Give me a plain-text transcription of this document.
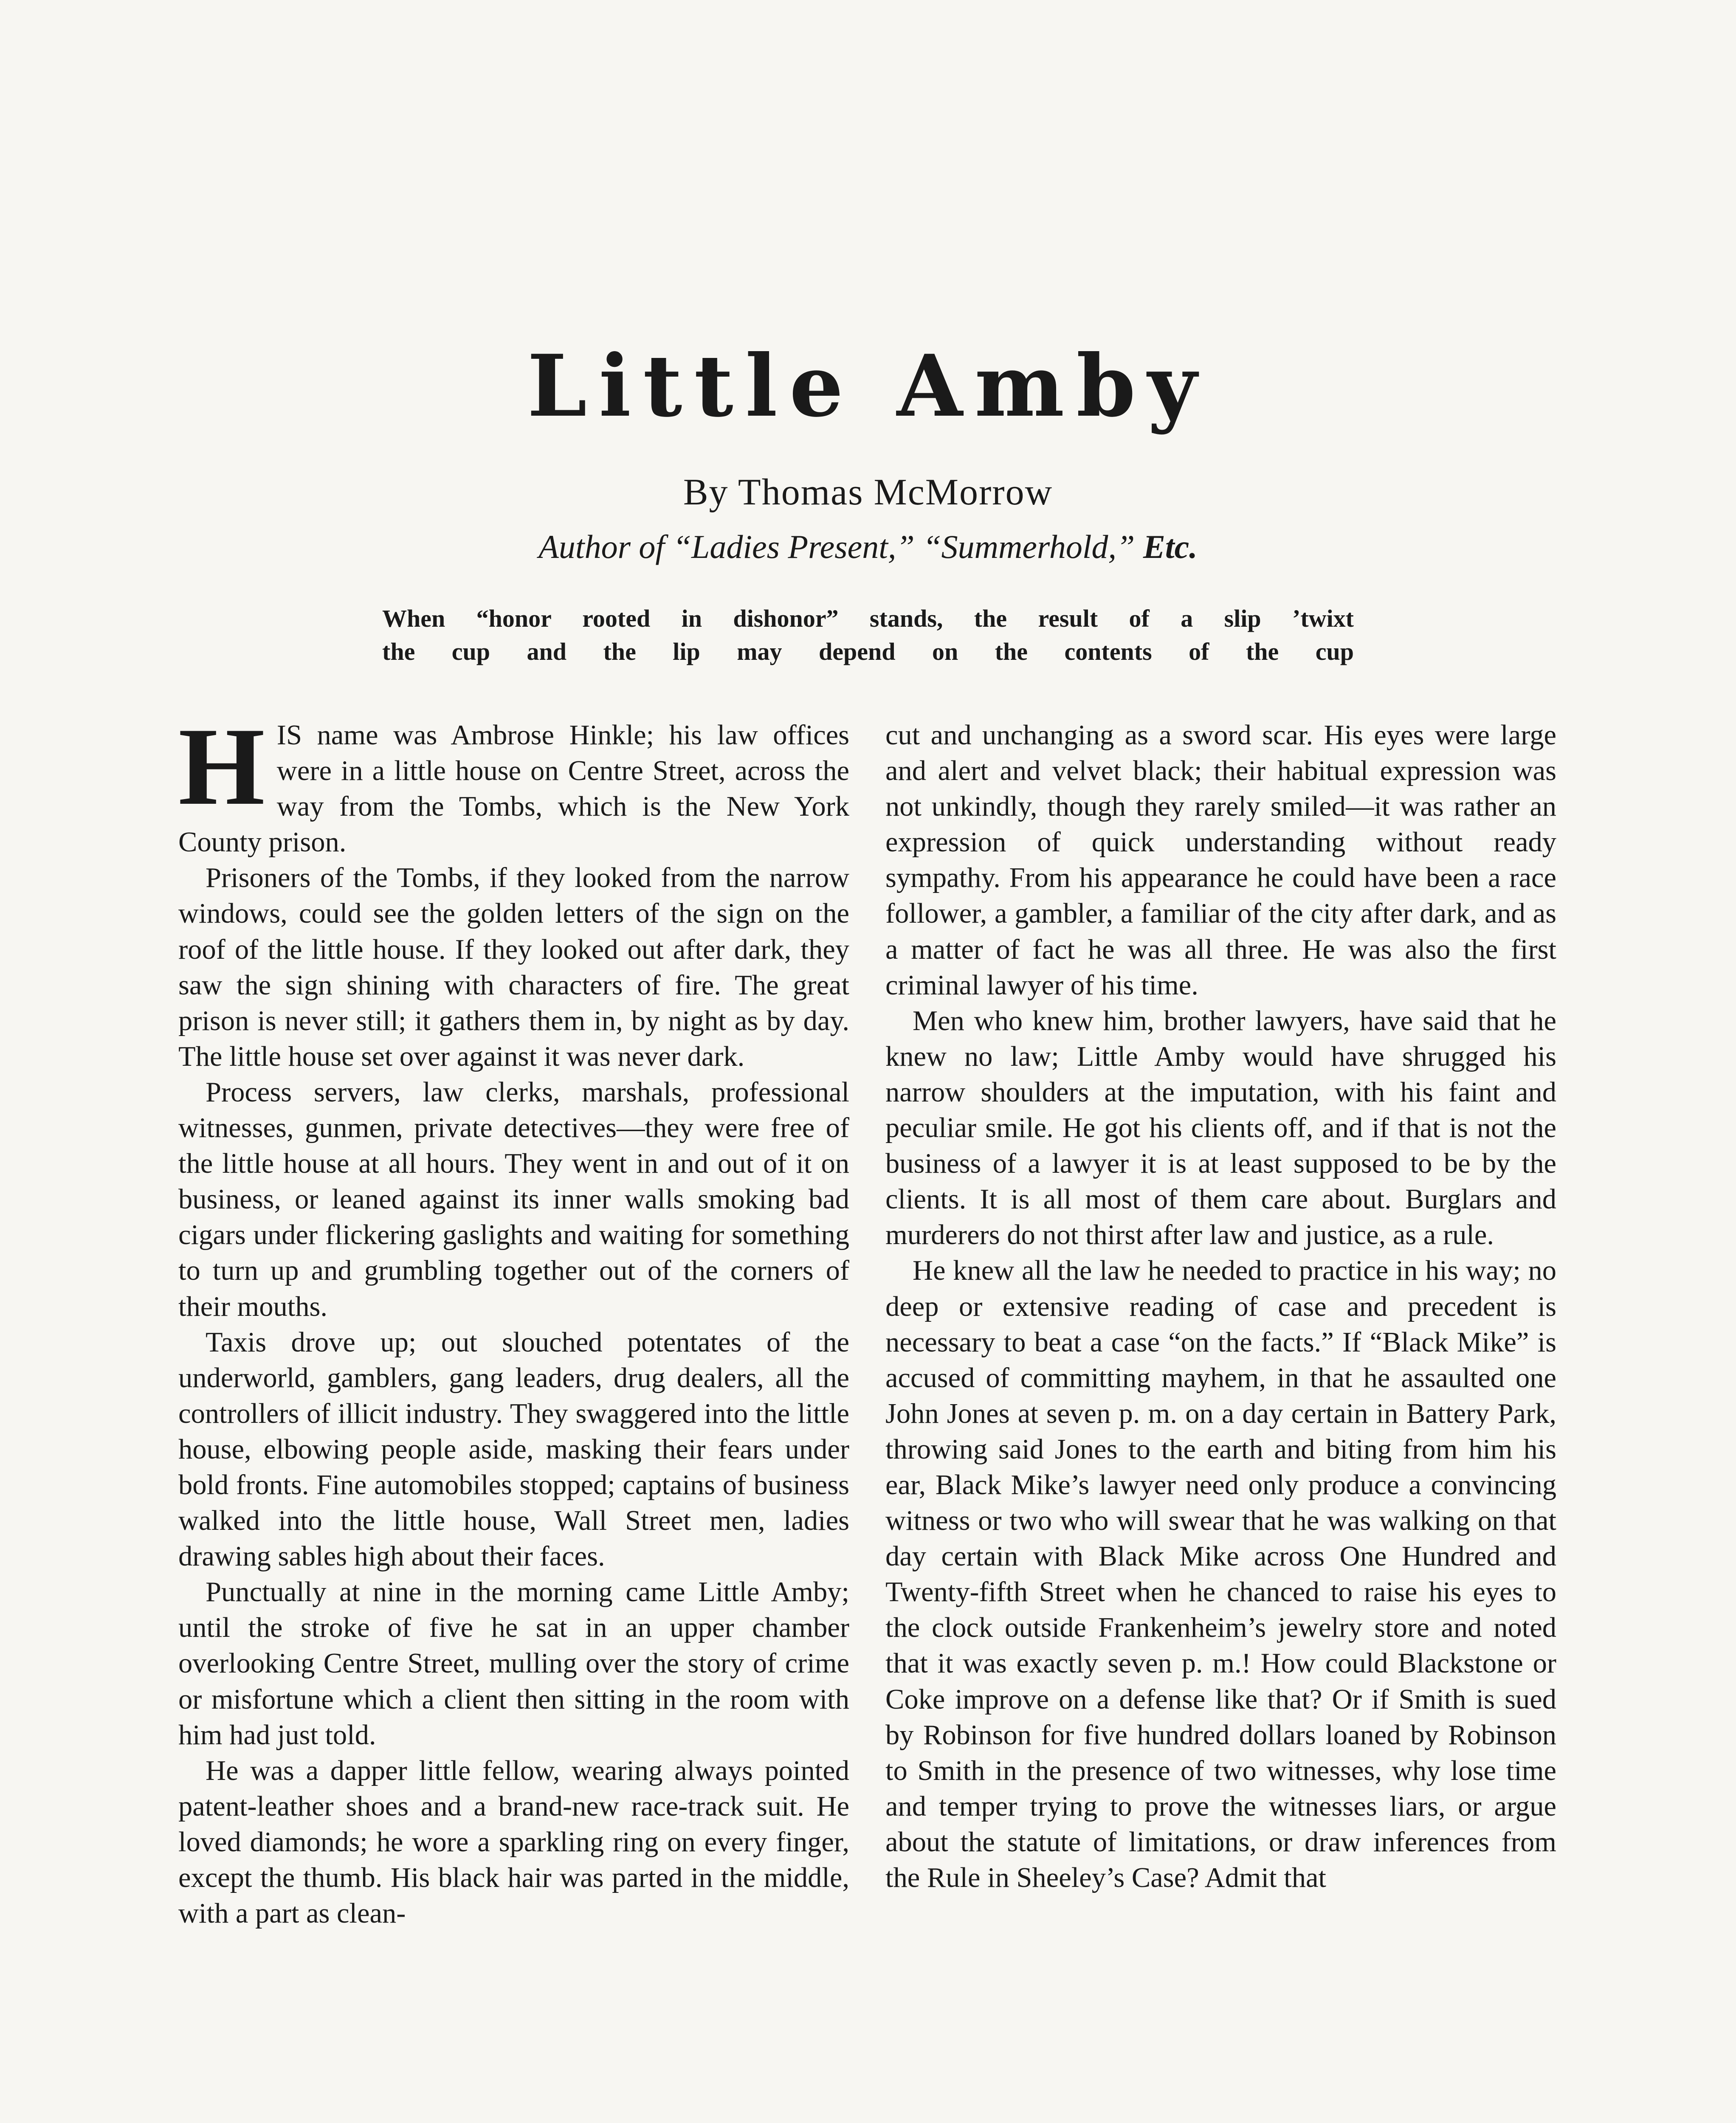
Little Amby
By Thomas McMorrow
Author of “Ladies Present,” “Summerhold,” Etc.
When “honor rooted in dishonor” stands, the result of a slip ’twixt
the cup and the lip may depend on the contents of the cup

HIS name was Ambrose Hinkle; his law offices were in a little house on Centre Street, across the way from the Tombs, which is the New York County prison.

Prisoners of the Tombs, if they looked from the narrow windows, could see the golden letters of the sign on the roof of the little house. If they looked out after dark, they saw the sign shining with characters of fire. The great prison is never still; it gathers them in, by night as by day. The little house set over against it was never dark.

Process servers, law clerks, marshals, professional witnesses, gunmen, private detectives—they were free of the little house at all hours. They went in and out of it on business, or leaned against its inner walls smoking bad cigars under flickering gaslights and waiting for something to turn up and grumbling together out of the corners of their mouths.

Taxis drove up; out slouched potentates of the underworld, gamblers, gang leaders, drug dealers, all the controllers of illicit industry. They swaggered into the little house, elbowing people aside, masking their fears under bold fronts. Fine automobiles stopped; captains of business walked into the little house, Wall Street men, ladies drawing sables high about their faces.

Punctually at nine in the morning came Little Amby; until the stroke of five he sat in an upper chamber overlooking Centre Street, mulling over the story of crime or misfortune which a client then sitting in the room with him had just told.

He was a dapper little fellow, wearing always pointed patent-leather shoes and a brand-new race-track suit. He loved diamonds; he wore a sparkling ring on every finger, except the thumb. His black hair was parted in the middle, with a part as clean-

cut and unchanging as a sword scar. His eyes were large and alert and velvet black; their habitual expression was not unkindly, though they rarely smiled—it was rather an expression of quick understanding without ready sympathy. From his appearance he could have been a race follower, a gambler, a familiar of the city after dark, and as a matter of fact he was all three. He was also the first criminal lawyer of his time.

Men who knew him, brother lawyers, have said that he knew no law; Little Amby would have shrugged his narrow shoulders at the imputation, with his faint and peculiar smile. He got his clients off, and if that is not the business of a lawyer it is at least supposed to be by the clients. It is all most of them care about. Burglars and murderers do not thirst after law and justice, as a rule.

He knew all the law he needed to practice in his way; no deep or extensive reading of case and precedent is necessary to beat a case “on the facts.” If “Black Mike” is accused of committing mayhem, in that he assaulted one John Jones at seven p. m. on a day certain in Battery Park, throwing said Jones to the earth and biting from him his ear, Black Mike’s lawyer need only produce a convincing witness or two who will swear that he was walking on that day certain with Black Mike across One Hundred and Twenty-fifth Street when he chanced to raise his eyes to the clock outside Frankenheim’s jewelry store and noted that it was exactly seven p. m.! How could Blackstone or Coke improve on a defense like that? Or if Smith is sued by Robinson for five hundred dollars loaned by Robinson to Smith in the presence of two witnesses, why lose time and temper trying to prove the witnesses liars, or argue about the statute of limitations, or draw inferences from the Rule in Sheeley’s Case? Admit that
